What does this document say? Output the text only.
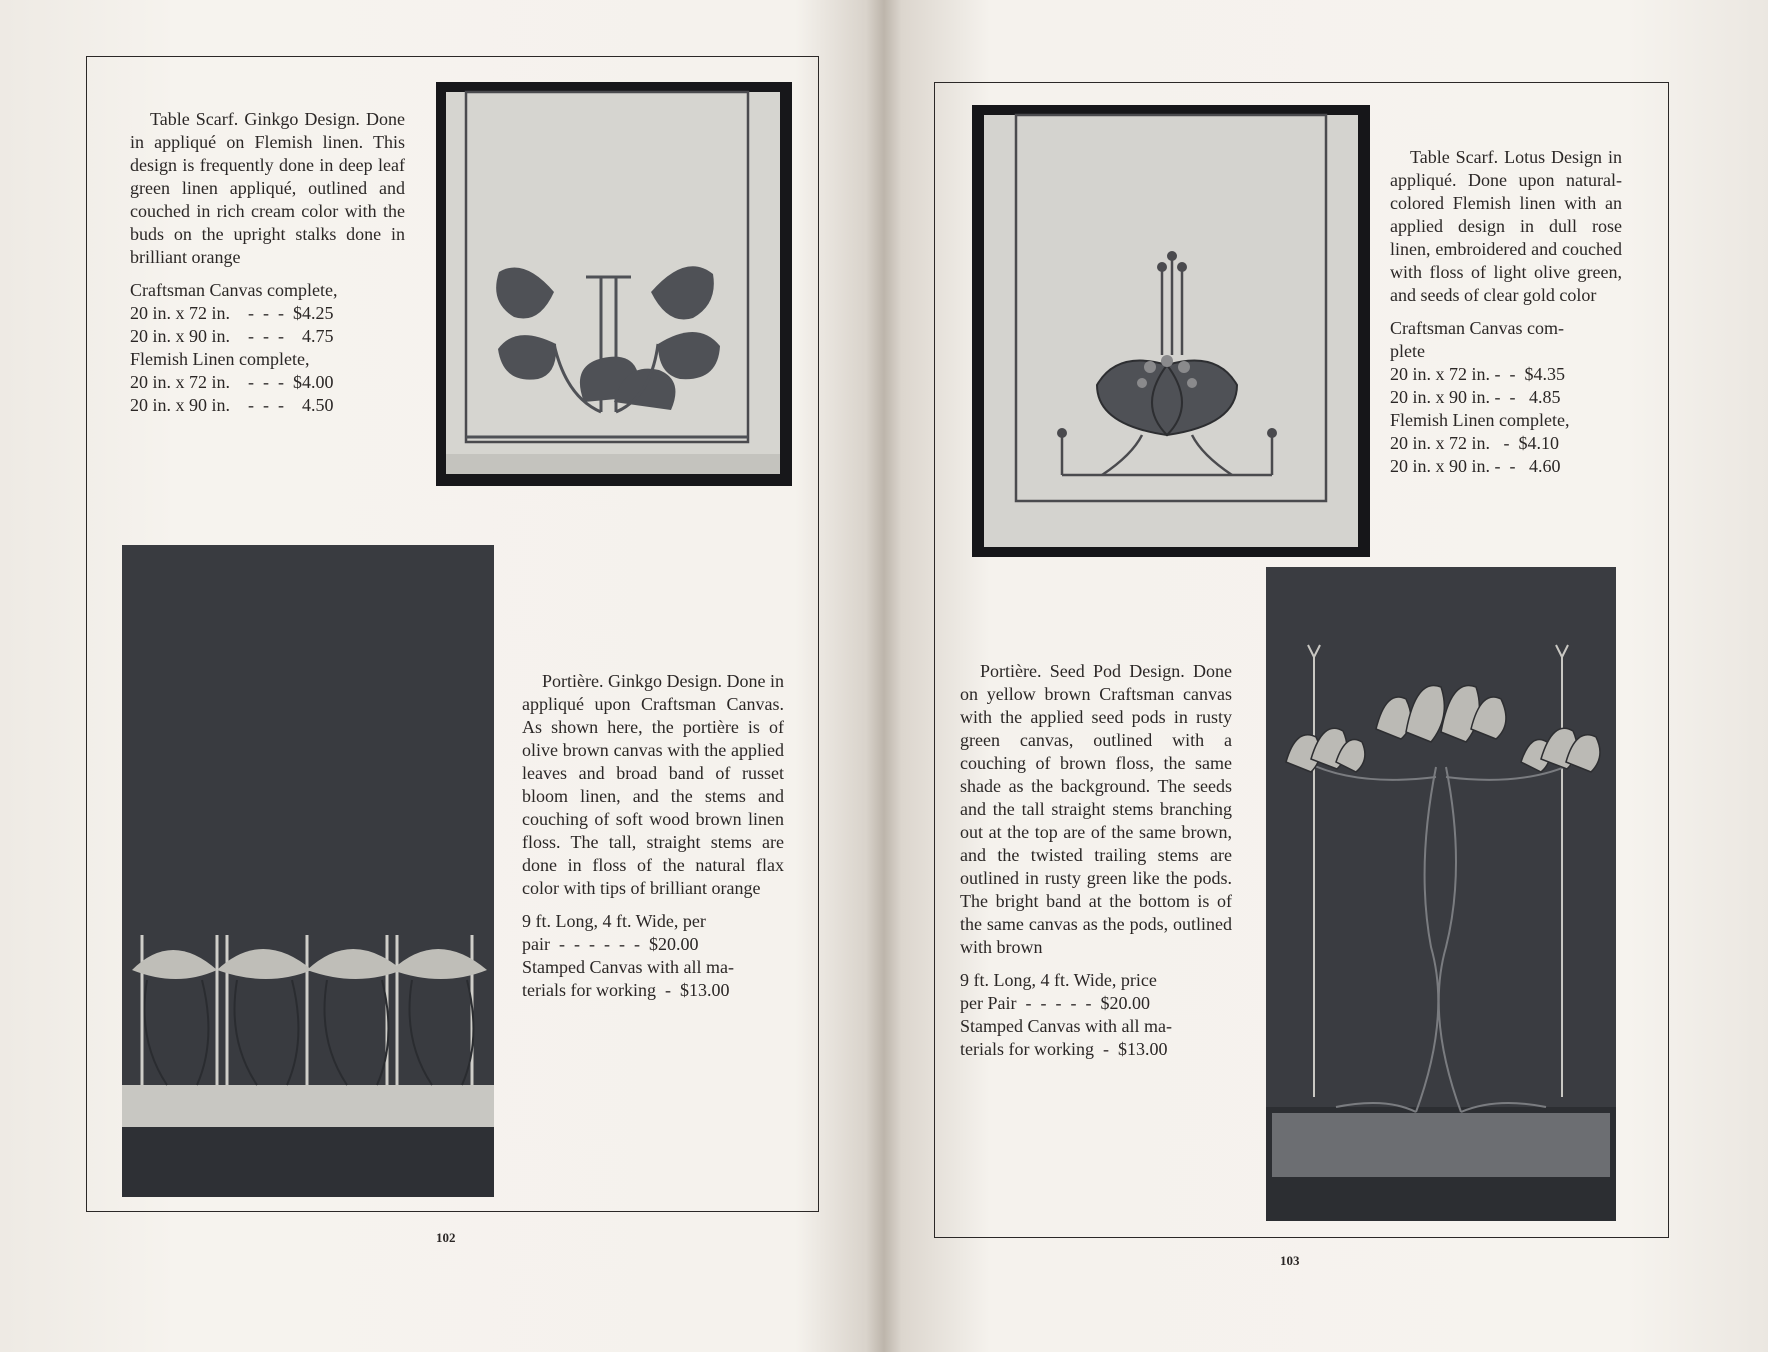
Table Scarf. Ginkgo Design. Done in appliqué on Flemish linen. This design is frequently done in deep leaf green linen appliqué, outlined and couched in rich cream color with the buds on the upright stalks done in brilliant orange

Craftsman Canvas complete,
20 in. x 72 in.    -  -  -  $4.25
20 in. x 90 in.    -  -  -    4.75
Flemish Linen complete,
20 in. x 72 in.    -  -  -  $4.00
20 in. x 90 in.    -  -  -    4.50

Portière. Ginkgo Design. Done in appliqué upon Craftsman Canvas. As shown here, the portière is of olive brown canvas with the applied leaves and broad band of russet bloom linen, and the stems and couching of soft wood brown linen floss. The tall, straight stems are done in floss of the natural flax color with tips of brilliant orange

9 ft. Long, 4 ft. Wide, per
pair  -  -  -  -  -  -  $20.00
Stamped Canvas with all ma-
terials for working  -  $13.00
102

Table Scarf. Lotus Design in appliqué. Done upon natural-colored Flemish linen with an applied design in dull rose linen, embroidered and couched with floss of light olive green, and seeds of clear gold color

Craftsman Canvas com-
plete
20 in. x 72 in. -  -  $4.35
20 in. x 90 in. -  -   4.85
Flemish Linen complete,
20 in. x 72 in.   -  $4.10
20 in. x 90 in. -  -   4.60

Portière. Seed Pod Design. Done on yellow brown Craftsman canvas with the applied seed pods in rusty green canvas, outlined with a couching of brown floss, the same shade as the background. The seeds and the tall straight stems branching out at the top are of the same brown, and the twisted trailing stems are outlined in rusty green like the pods. The bright band at the bottom is of the same canvas as the pods, outlined with brown

9 ft. Long, 4 ft. Wide, price
per Pair  -  -  -  -  -  $20.00
Stamped Canvas with all ma-
terials for working  -  $13.00
103
